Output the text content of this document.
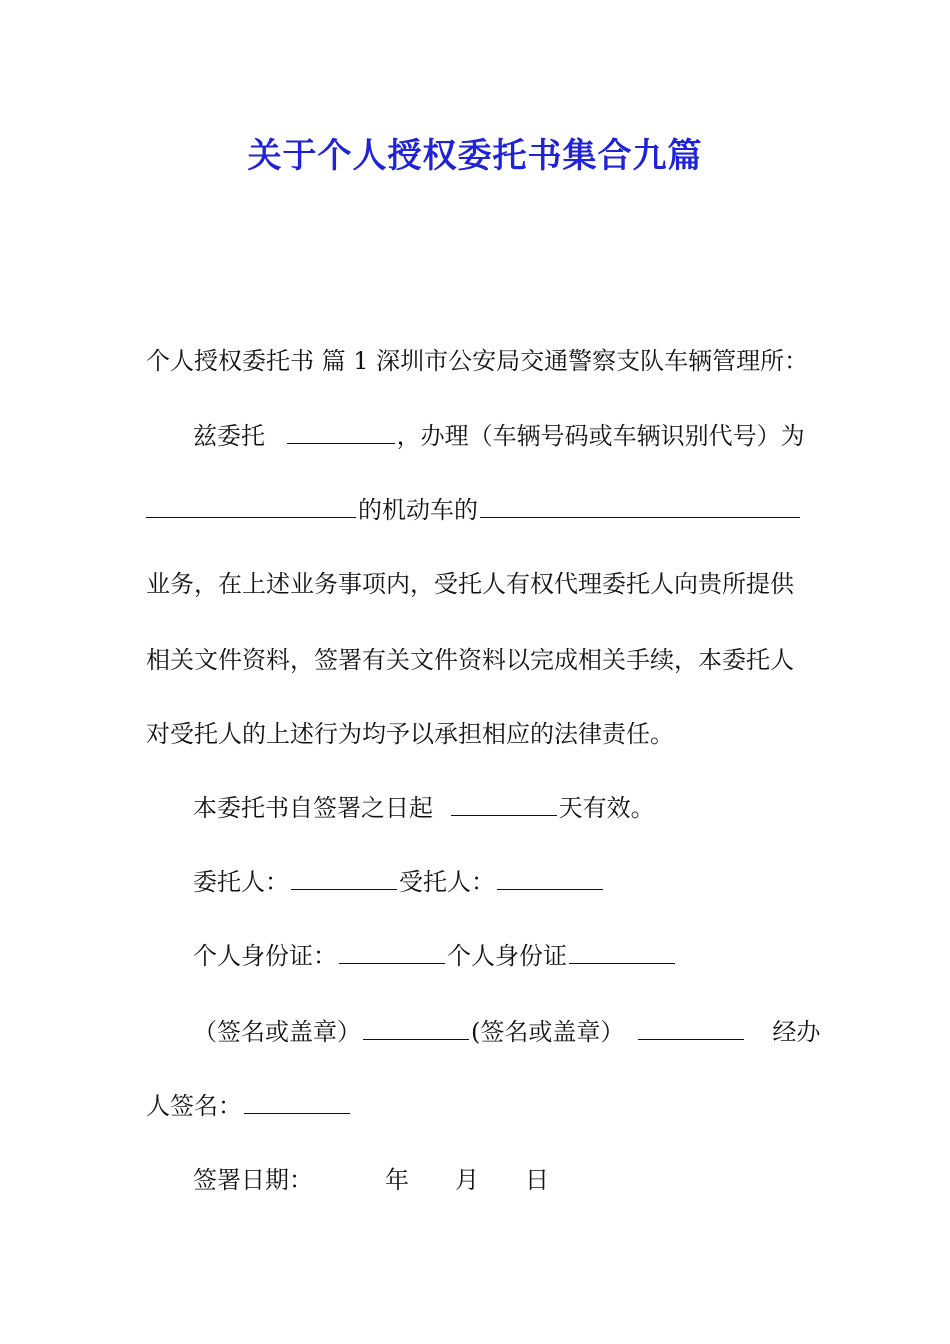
关于个人授权委托书集合九篇
个人授权委托书 篇 1 深圳市公安局交通警察支队车辆管理所：
兹委托	，办理（车辆号码或车辆识别代号）为
的机动车的
业务，在上述业务事项内，受托人有权代理委托人向贵所提供
相关文件资料，签署有关文件资料以完成相关手续，本委托人
对受托人的上述行为均予以承担相应的法律责任。
本委托书自签署之日起	天有效。
委托人：	受托人：
个人身份证：	个人身份证
（签名或盖章）	(签名或盖章）	经办
人签名：
签署日期：	年 月 日
